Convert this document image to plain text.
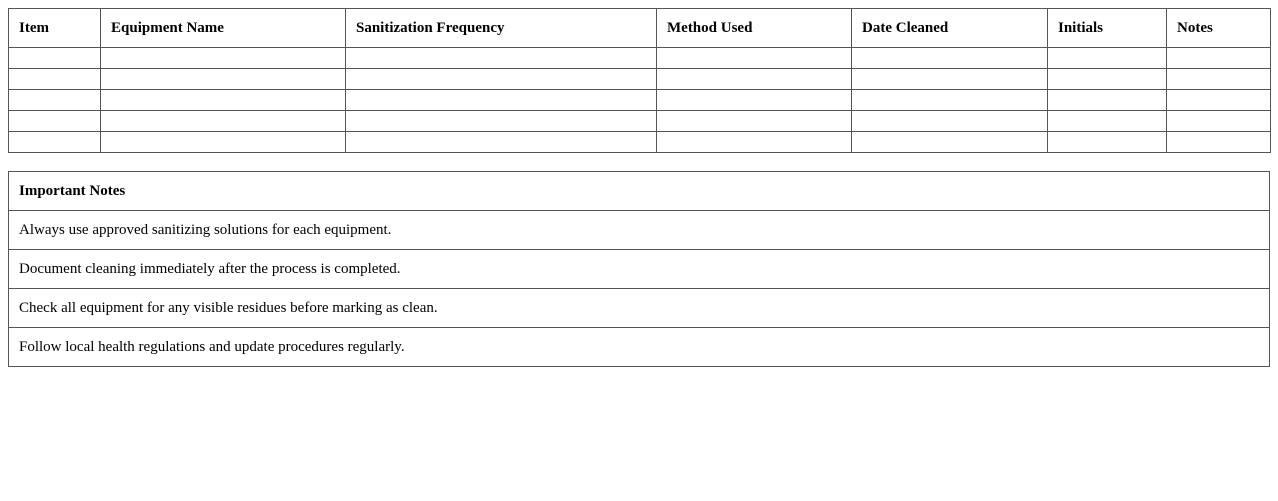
Item	Equipment Name	Sanitization Frequency	Method Used	Date Cleaned	Initials	Notes

Important Notes
Always use approved sanitizing solutions for each equipment.
Document cleaning immediately after the process is completed.
Check all equipment for any visible residues before marking as clean.
Follow local health regulations and update procedures regularly.
